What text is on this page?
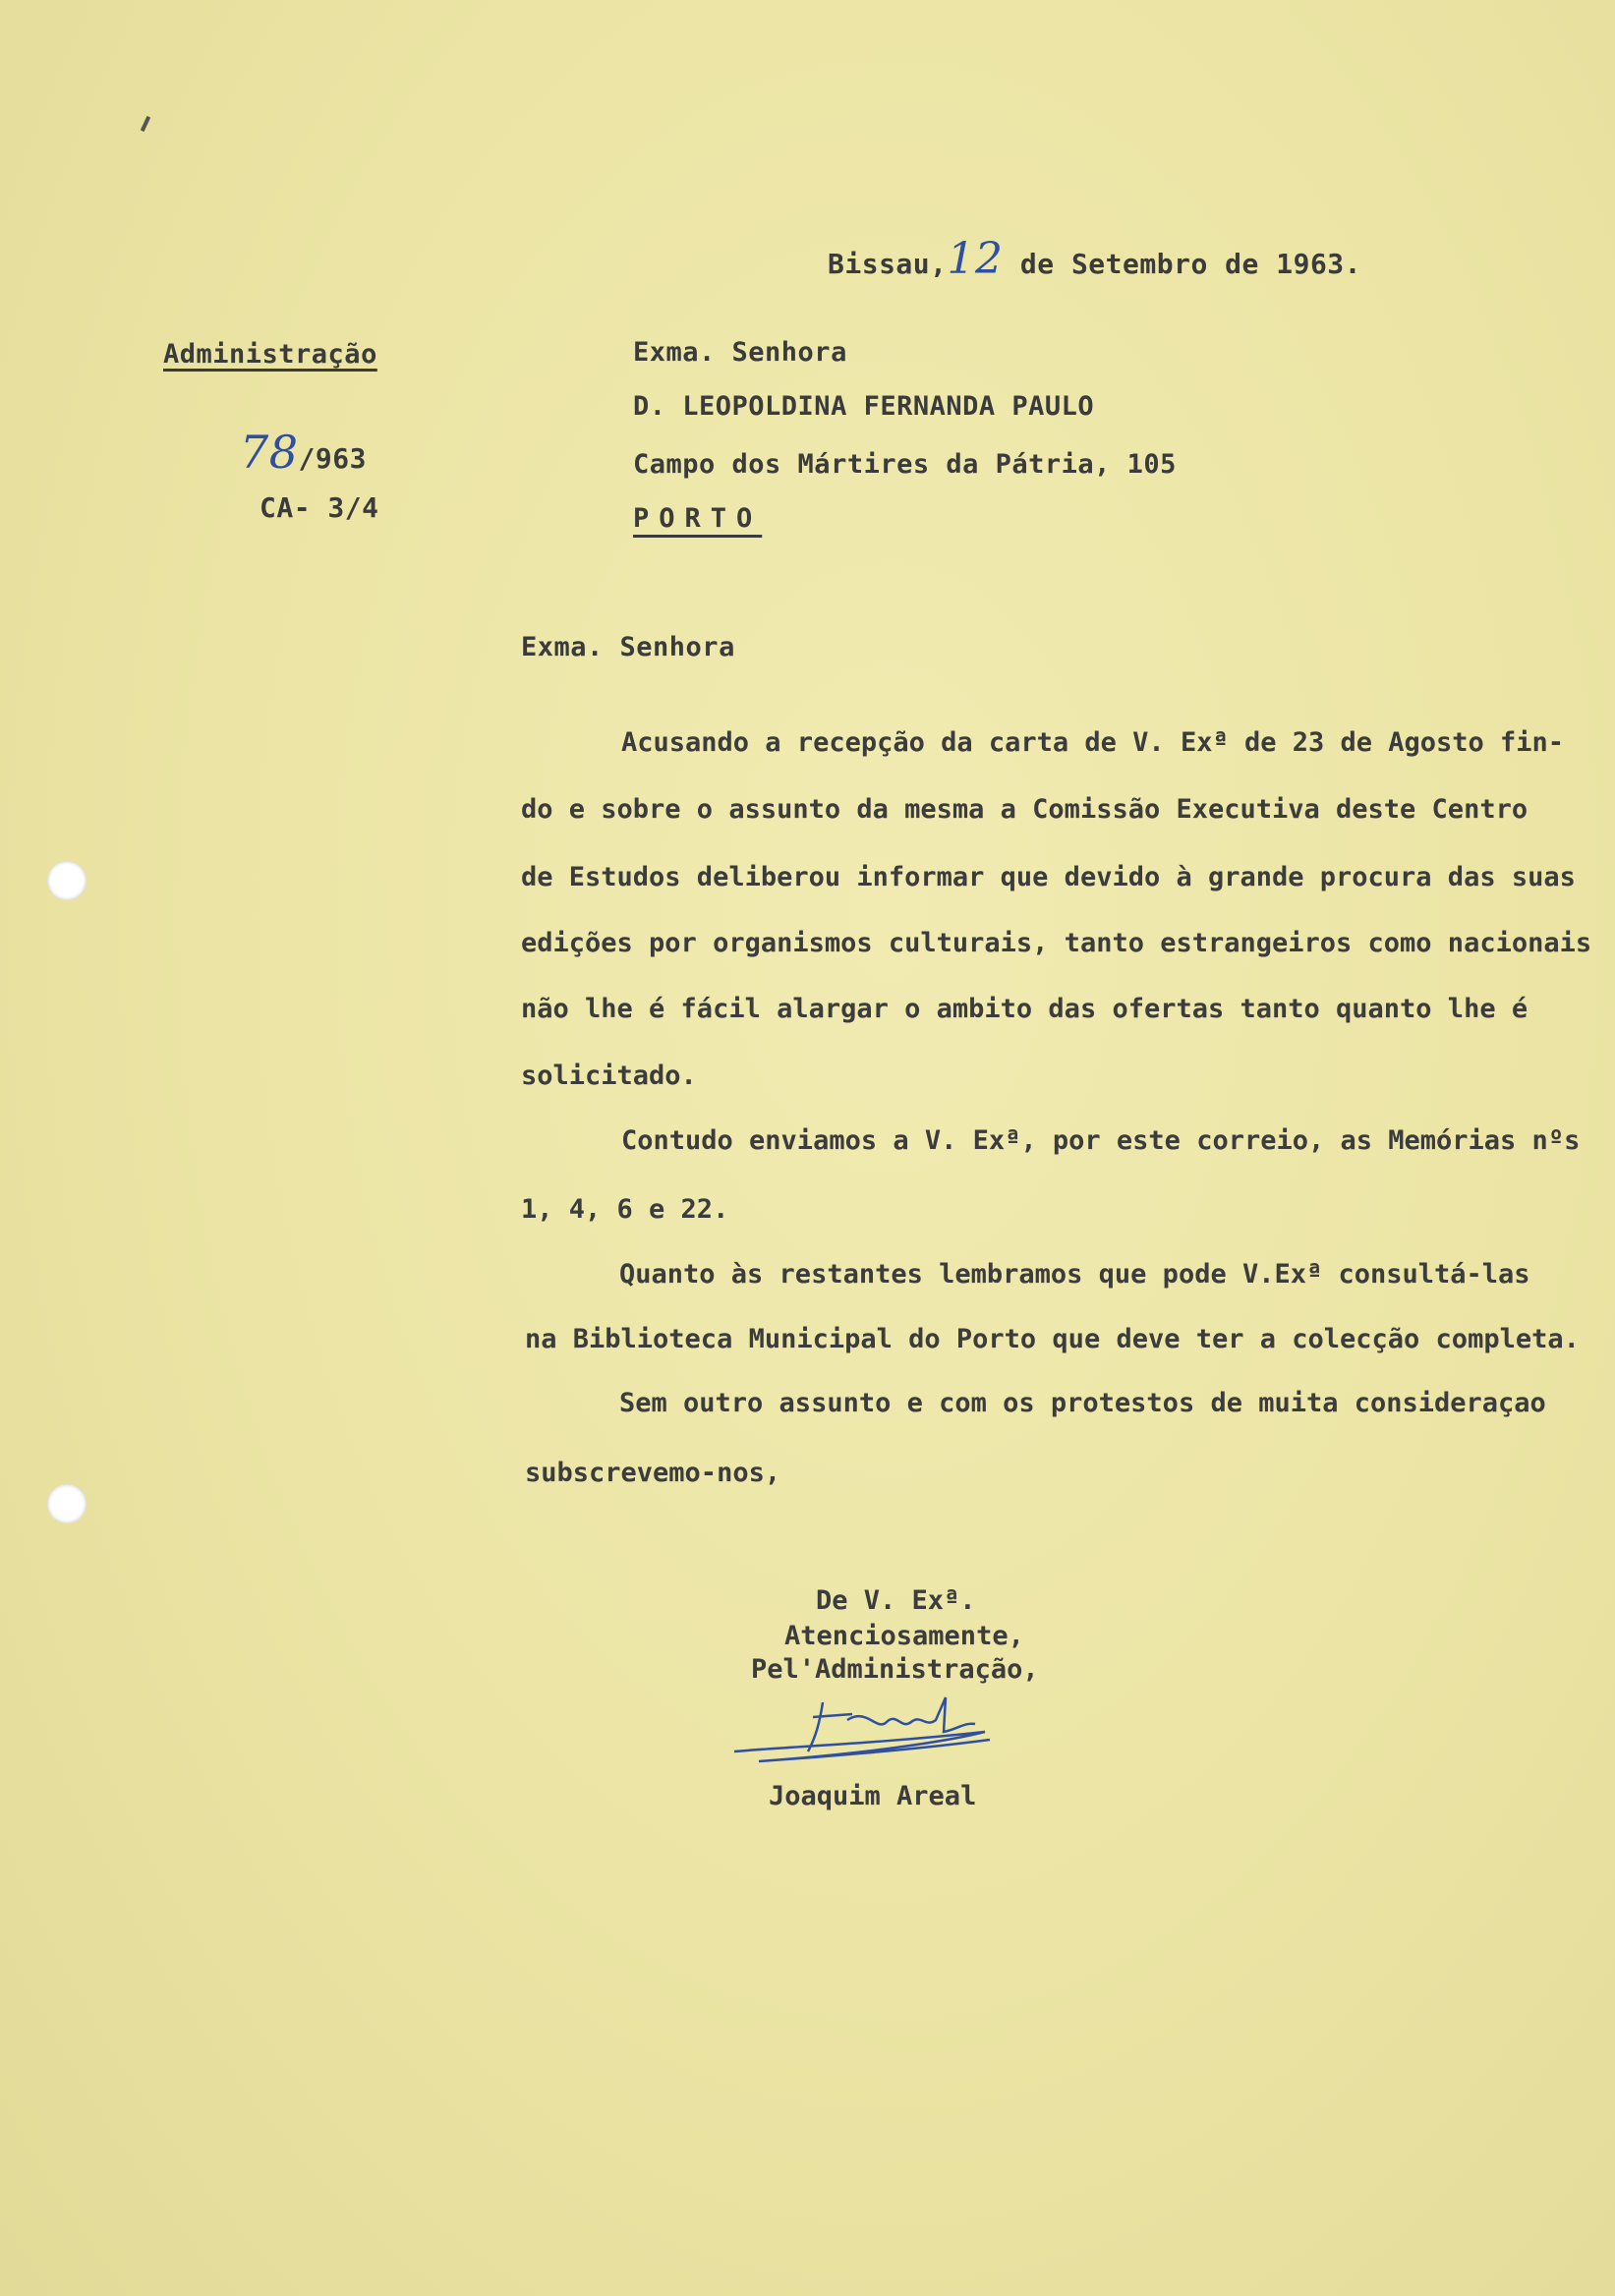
Bissau,12 de Setembro de 1963.
Administração
78/963
CA- 3/4
Exma. Senhora
D. LEOPOLDINA FERNANDA PAULO
Campo dos Mártires da Pátria, 105
PORTO
Exma. Senhora
Acusando a recepção da carta de V. Exª de 23 de Agosto fin-
do e sobre o assunto da mesma a Comissão Executiva deste Centro
de Estudos deliberou informar que devido à grande procura das suas
edições por organismos culturais, tanto estrangeiros como nacionais
não lhe é fácil alargar o ambito das ofertas tanto quanto lhe é
solicitado.
Contudo enviamos a V. Exª, por este correio, as Memórias nºs
1, 4, 6 e 22.
Quanto às restantes lembramos que pode V.Exª consultá-las
na Biblioteca Municipal do Porto que deve ter a colecção completa.
Sem outro assunto e com os protestos de muita consideraçao
subscrevemo-nos,
De V. Exª.
Atenciosamente,
Pel'Administração,
Joaquim Areal
